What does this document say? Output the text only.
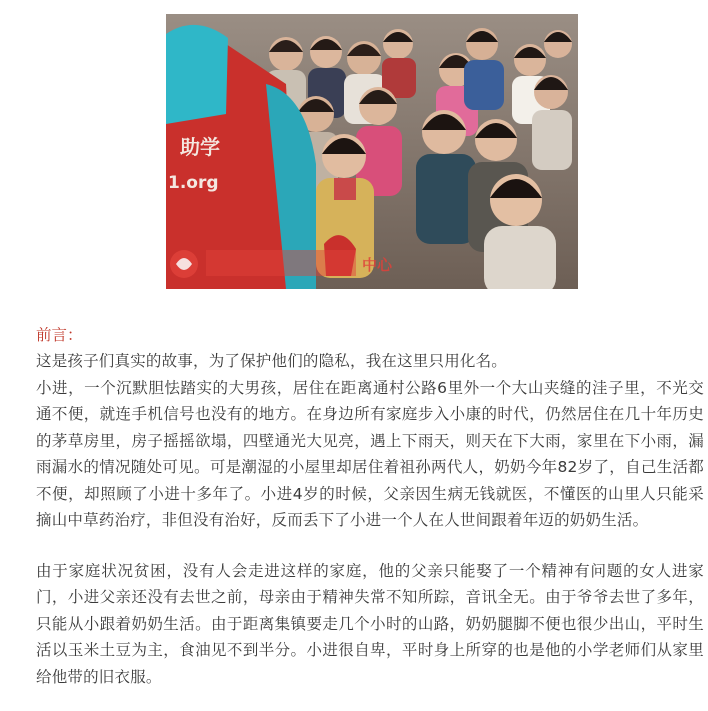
助学
1.org
中心

前言：

这是孩子们真实的故事，为了保护他们的隐私，我在这里只用化名。

小进，一个沉默胆怯踏实的大男孩，居住在距离通村公路6里外一个大山夹缝的洼子里，不光交通不便，就连手机信号也没有的地方。在身边所有家庭步入小康的时代，仍然居住在几十年历史的茅草房里，房子摇摇欲塌，四壁通光大见亮，遇上下雨天，则天在下大雨，家里在下小雨，漏雨漏水的情况随处可见。可是潮湿的小屋里却居住着祖孙两代人，奶奶今年82岁了，自己生活都不便，却照顾了小进十多年了。小进4岁的时候，父亲因生病无钱就医，不懂医的山里人只能采摘山中草药治疗，非但没有治好，反而丢下了小进一个人在人世间跟着年迈的奶奶生活。

由于家庭状况贫困，没有人会走进这样的家庭，他的父亲只能娶了一个精神有问题的女人进家门，小进父亲还没有去世之前，母亲由于精神失常不知所踪，音讯全无。由于爷爷去世了多年，只能从小跟着奶奶生活。由于距离集镇要走几个小时的山路，奶奶腿脚不便也很少出山，平时生活以玉米土豆为主，食油见不到半分。小进很自卑，平时身上所穿的也是他的小学老师们从家里给他带的旧衣服。
